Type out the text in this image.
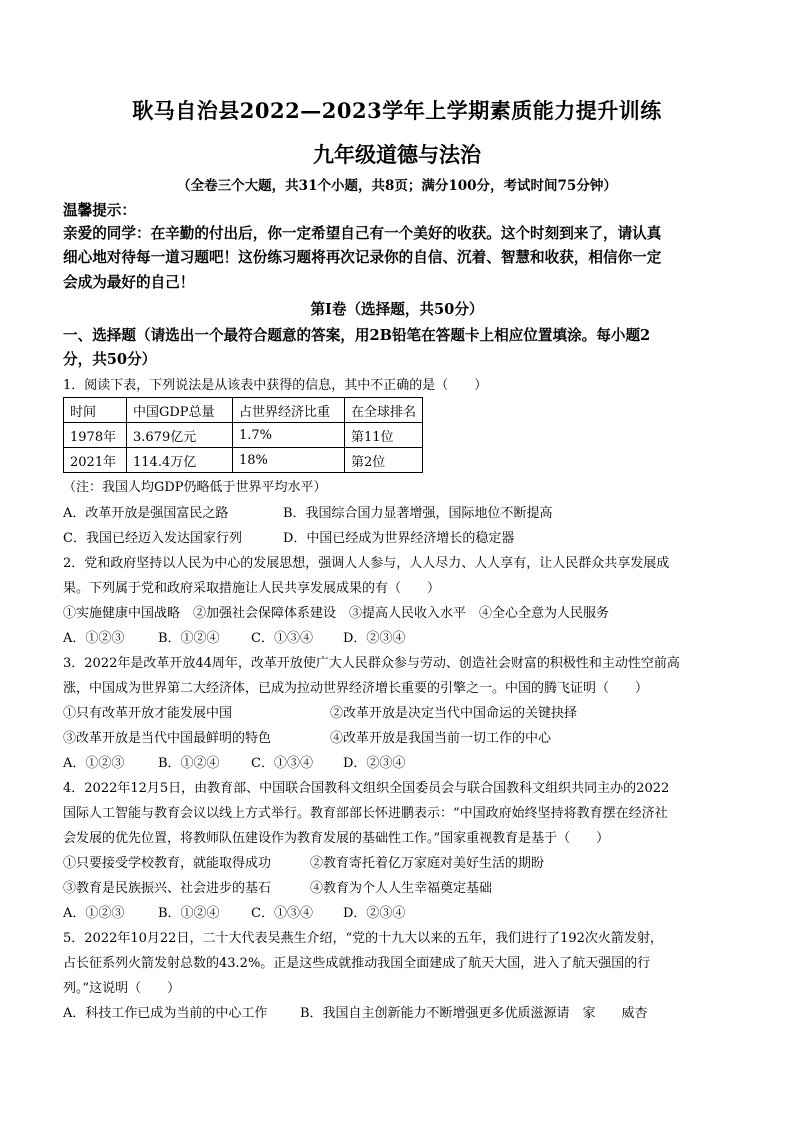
耿马自治县2022—2023学年上学期素质能力提升训练
九年级道德与法治
（全卷三个大题，共31个小题，共8页；满分100分，考试时间75分钟）
温馨提示：
亲爱的同学：在辛勤的付出后，你一定希望自己有一个美好的收获。这个时刻到来了，请认真
细心地对待每一道习题吧！这份练习题将再次记录你的自信、沉着、智慧和收获，相信你一定
会成为最好的自己！
第Ⅰ卷（选择题，共50分）
一、选择题（请选出一个最符合题意的答案，用2B铅笔在答题卡上相应位置填涂。每小题2
分，共50分）
1．阅读下表，下列说法是从该表中获得的信息，其中不正确的是（　　）
时间	中国GDP总量	占世界经济比重	在全球排名
1978年	3.679亿元	1.7%	第11位
2021年	114.4万亿	18%	第2位
（注：我国人均GDP仍略低于世界平均水平）
A．改革开放是强国富民之路	B．我国综合国力显著增强，国际地位不断提高
C．我国已经迈入发达国家行列	D．中国已经成为世界经济增长的稳定器
2．党和政府坚持以人民为中心的发展思想，强调人人参与，人人尽力、人人享有，让人民群众共享发展成
果。下列属于党和政府采取措施让人民共享发展成果的有（　　）
①实施健康中国战略　②加强社会保障体系建设　③提高人民收入水平　④全心全意为人民服务
A．①②③	B．①②④ C．①③④ D．②③④
3．2022年是改革开放44周年，改革开放使广大人民群众参与劳动、创造社会财富的积极性和主动性空前高
涨，中国成为世界第二大经济体，已成为拉动世界经济增长重要的引擎之一。中国的腾飞证明（　　）
①只有改革开放才能发展中国	②改革开放是决定当代中国命运的关键抉择
③改革开放是当代中国最鲜明的特色	④改革开放是我国当前一切工作的中心
A．①②③	B．①②④ C．①③④ D．②③④
4．2022年12月5日，由教育部、中国联合国教科文组织全国委员会与联合国教科文组织共同主办的2022
国际人工智能与教育会议以线上方式举行。教育部部长怀进鹏表示：“中国政府始终坚持将教育摆在经济社
会发展的优先位置，将教师队伍建设作为教育发展的基础性工作。”国家重视教育是基于（　　）
①只要接受学校教育，就能取得成功	②教育寄托着亿万家庭对美好生活的期盼
③教育是民族振兴、社会进步的基石	④教育为个人人生幸福奠定基础
A．①②③	B．①②④ C．①③④ D．②③④
5．2022年10月22日，二十大代表吴燕生介绍，“党的十九大以来的五年，我们进行了192次火箭发射，
占长征系列火箭发射总数的43.2%。正是这些成就推动我国全面建成了航天大国，进入了航天强国的行
列。”这说明（　　）
A．科技工作已成为当前的中心工作	B．我国自主创新能力不断增强更多优质滋源请　家　　威杏
